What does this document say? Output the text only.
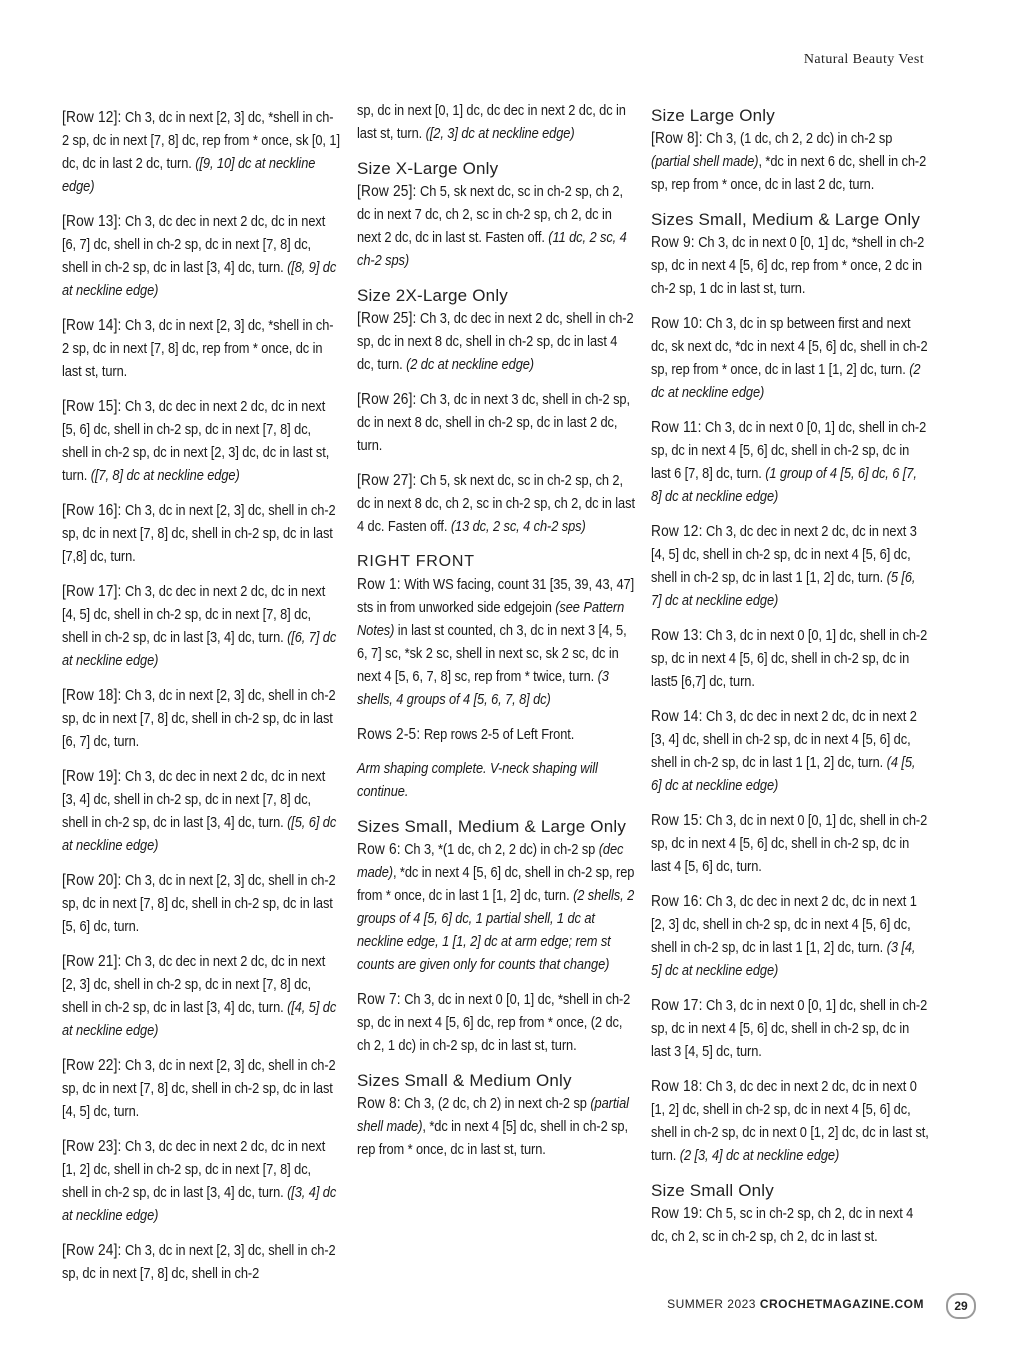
Natural Beauty Vest

[Row 12]: Ch 3, dc in next [2, 3] dc, *shell in ch-2 sp, dc in next [7, 8] dc, rep from * once, sk [0, 1] dc, dc in last 2 dc, turn. ([9, 10] dc at neckline edge)

[Row 13]: Ch 3, dc dec in next 2 dc, dc in next [6, 7] dc, shell in ch-2 sp, dc in next [7, 8] dc, shell in ch-2 sp, dc in last [3, 4] dc, turn. ([8, 9] dc at neckline edge)

[Row 14]: Ch 3, dc in next [2, 3] dc, *shell in ch-2 sp, dc in next [7, 8] dc, rep from * once, dc in last st, turn.

[Row 15]: Ch 3, dc dec in next 2 dc, dc in next [5, 6] dc, shell in ch-2 sp, dc in next [7, 8] dc, shell in ch-2 sp, dc in next [2, 3] dc, dc in last st, turn. ([7, 8] dc at neckline edge)

[Row 16]: Ch 3, dc in next [2, 3] dc, shell in ch-2 sp, dc in next [7, 8] dc, shell in ch-2 sp, dc in last [7,8] dc, turn.

[Row 17]: Ch 3, dc dec in next 2 dc, dc in next [4, 5] dc, shell in ch-2 sp, dc in next [7, 8] dc, shell in ch-2 sp, dc in last [3, 4] dc, turn. ([6, 7] dc at neckline edge)

[Row 18]: Ch 3, dc in next [2, 3] dc, shell in ch-2 sp, dc in next [7, 8] dc, shell in ch-2 sp, dc in last [6, 7] dc, turn.

[Row 19]: Ch 3, dc dec in next 2 dc, dc in next [3, 4] dc, shell in ch-2 sp, dc in next [7, 8] dc, shell in ch-2 sp, dc in last [3, 4] dc, turn. ([5, 6] dc at neckline edge)

[Row 20]: Ch 3, dc in next [2, 3] dc, shell in ch-2 sp, dc in next [7, 8] dc, shell in ch-2 sp, dc in last [5, 6] dc, turn.

[Row 21]: Ch 3, dc dec in next 2 dc, dc in next [2, 3] dc, shell in ch-2 sp, dc in next [7, 8] dc, shell in ch-2 sp, dc in last [3, 4] dc, turn. ([4, 5] dc at neckline edge)

[Row 22]: Ch 3, dc in next [2, 3] dc, shell in ch-2 sp, dc in next [7, 8] dc, shell in ch-2 sp, dc in last [4, 5] dc, turn.

[Row 23]: Ch 3, dc dec in next 2 dc, dc in next [1, 2] dc, shell in ch-2 sp, dc in next [7, 8] dc, shell in ch-2 sp, dc in last [3, 4] dc, turn. ([3, 4] dc at neckline edge)

[Row 24]: Ch 3, dc in next [2, 3] dc, shell in ch-2 sp, dc in next [7, 8] dc, shell in ch-2

sp, dc in next [0, 1] dc, dc dec in next 2 dc, dc in last st, turn. ([2, 3] dc at neckline edge)

Size X-Large Only

[Row 25]: Ch 5, sk next dc, sc in ch-2 sp, ch 2, dc in next 7 dc, ch 2, sc in ch-2 sp, ch 2, dc in next 2 dc, dc in last st. Fasten off. (11 dc, 2 sc, 4 ch-2 sps)

Size 2X-Large Only

[Row 25]: Ch 3, dc dec in next 2 dc, shell in ch-2 sp, dc in next 8 dc, shell in ch-2 sp, dc in last 4 dc, turn. (2 dc at neckline edge)

[Row 26]: Ch 3, dc in next 3 dc, shell in ch-2 sp, dc in next 8 dc, shell in ch-2 sp, dc in last 2 dc, turn.

[Row 27]: Ch 5, sk next dc, sc in ch-2 sp, ch 2, dc in next 8 dc, ch 2, sc in ch-2 sp, ch 2, dc in last 4 dc. Fasten off. (13 dc, 2 sc, 4 ch-2 sps)

RIGHT FRONT

Row 1: With WS facing, count 31 [35, 39, 43, 47] sts in from unworked side edgejoin (see Pattern Notes) in last st counted, ch 3, dc in next 3 [4, 5, 6, 7] sc, *sk 2 sc, shell in next sc, sk 2 sc, dc in next 4 [5, 6, 7, 8] sc, rep from * twice, turn. (3 shells, 4 groups of 4 [5, 6, 7, 8] dc)

Rows 2-5: Rep rows 2-5 of Left Front.

Arm shaping complete. V-neck shaping will continue.

Sizes Small, Medium & Large Only

Row 6: Ch 3, *(1 dc, ch 2, 2 dc) in ch-2 sp (dec made), *dc in next 4 [5, 6] dc, shell in ch-2 sp, rep from * once, dc in last 1 [1, 2] dc, turn. (2 shells, 2 groups of 4 [5, 6] dc, 1 partial shell, 1 dc at neckline edge, 1 [1, 2] dc at arm edge; rem st counts are given only for counts that change)

Row 7: Ch 3, dc in next 0 [0, 1] dc, *shell in ch-2 sp, dc in next 4 [5, 6] dc, rep from * once, (2 dc, ch 2, 1 dc) in ch-2 sp, dc in last st, turn.

Sizes Small & Medium Only

Row 8: Ch 3, (2 dc, ch 2) in next ch-2 sp (partial shell made), *dc in next 4 [5] dc, shell in ch-2 sp, rep from * once, dc in last st, turn.

Size Large Only

[Row 8]: Ch 3, (1 dc, ch 2, 2 dc) in ch-2 sp (partial shell made), *dc in next 6 dc, shell in ch-2 sp, rep from * once, dc in last 2 dc, turn.

Sizes Small, Medium & Large Only

Row 9: Ch 3, dc in next 0 [0, 1] dc, *shell in ch-2 sp, dc in next 4 [5, 6] dc, rep from * once, 2 dc in ch-2 sp, 1 dc in last st, turn.

Row 10: Ch 3, dc in sp between first and next dc, sk next dc, *dc in next 4 [5, 6] dc, shell in ch-2 sp, rep from * once, dc in last 1 [1, 2] dc, turn. (2 dc at neckline edge)

Row 11: Ch 3, dc in next 0 [0, 1] dc, shell in ch-2 sp, dc in next 4 [5, 6] dc, shell in ch-2 sp, dc in last 6 [7, 8] dc, turn. (1 group of 4 [5, 6] dc, 6 [7, 8] dc at neckline edge)

Row 12: Ch 3, dc dec in next 2 dc, dc in next 3 [4, 5] dc, shell in ch-2 sp, dc in next 4 [5, 6] dc, shell in ch-2 sp, dc in last 1 [1, 2] dc, turn. (5 [6, 7] dc at neckline edge)

Row 13: Ch 3, dc in next 0 [0, 1] dc, shell in ch-2 sp, dc in next 4 [5, 6] dc, shell in ch-2 sp, dc in last5 [6,7] dc, turn.

Row 14: Ch 3, dc dec in next 2 dc, dc in next 2 [3, 4] dc, shell in ch-2 sp, dc in next 4 [5, 6] dc, shell in ch-2 sp, dc in last 1 [1, 2] dc, turn. (4 [5, 6] dc at neckline edge)

Row 15: Ch 3, dc in next 0 [0, 1] dc, shell in ch-2 sp, dc in next 4 [5, 6] dc, shell in ch-2 sp, dc in last 4 [5, 6] dc, turn.

Row 16: Ch 3, dc dec in next 2 dc, dc in next 1 [2, 3] dc, shell in ch-2 sp, dc in next 4 [5, 6] dc, shell in ch-2 sp, dc in last 1 [1, 2] dc, turn. (3 [4, 5] dc at neckline edge)

Row 17: Ch 3, dc in next 0 [0, 1] dc, shell in ch-2 sp, dc in next 4 [5, 6] dc, shell in ch-2 sp, dc in last 3 [4, 5] dc, turn.

Row 18: Ch 3, dc dec in next 2 dc, dc in next 0 [1, 2] dc, shell in ch-2 sp, dc in next 4 [5, 6] dc, shell in ch-2 sp, dc in next 0 [1, 2] dc, dc in last st, turn. (2 [3, 4] dc at neckline edge)

Size Small Only

Row 19: Ch 5, sc in ch-2 sp, ch 2, dc in next 4 dc, ch 2, sc in ch-2 sp, ch 2, dc in last st.

SUMMER 2023 CROCHETMAGAZINE.COM	29
